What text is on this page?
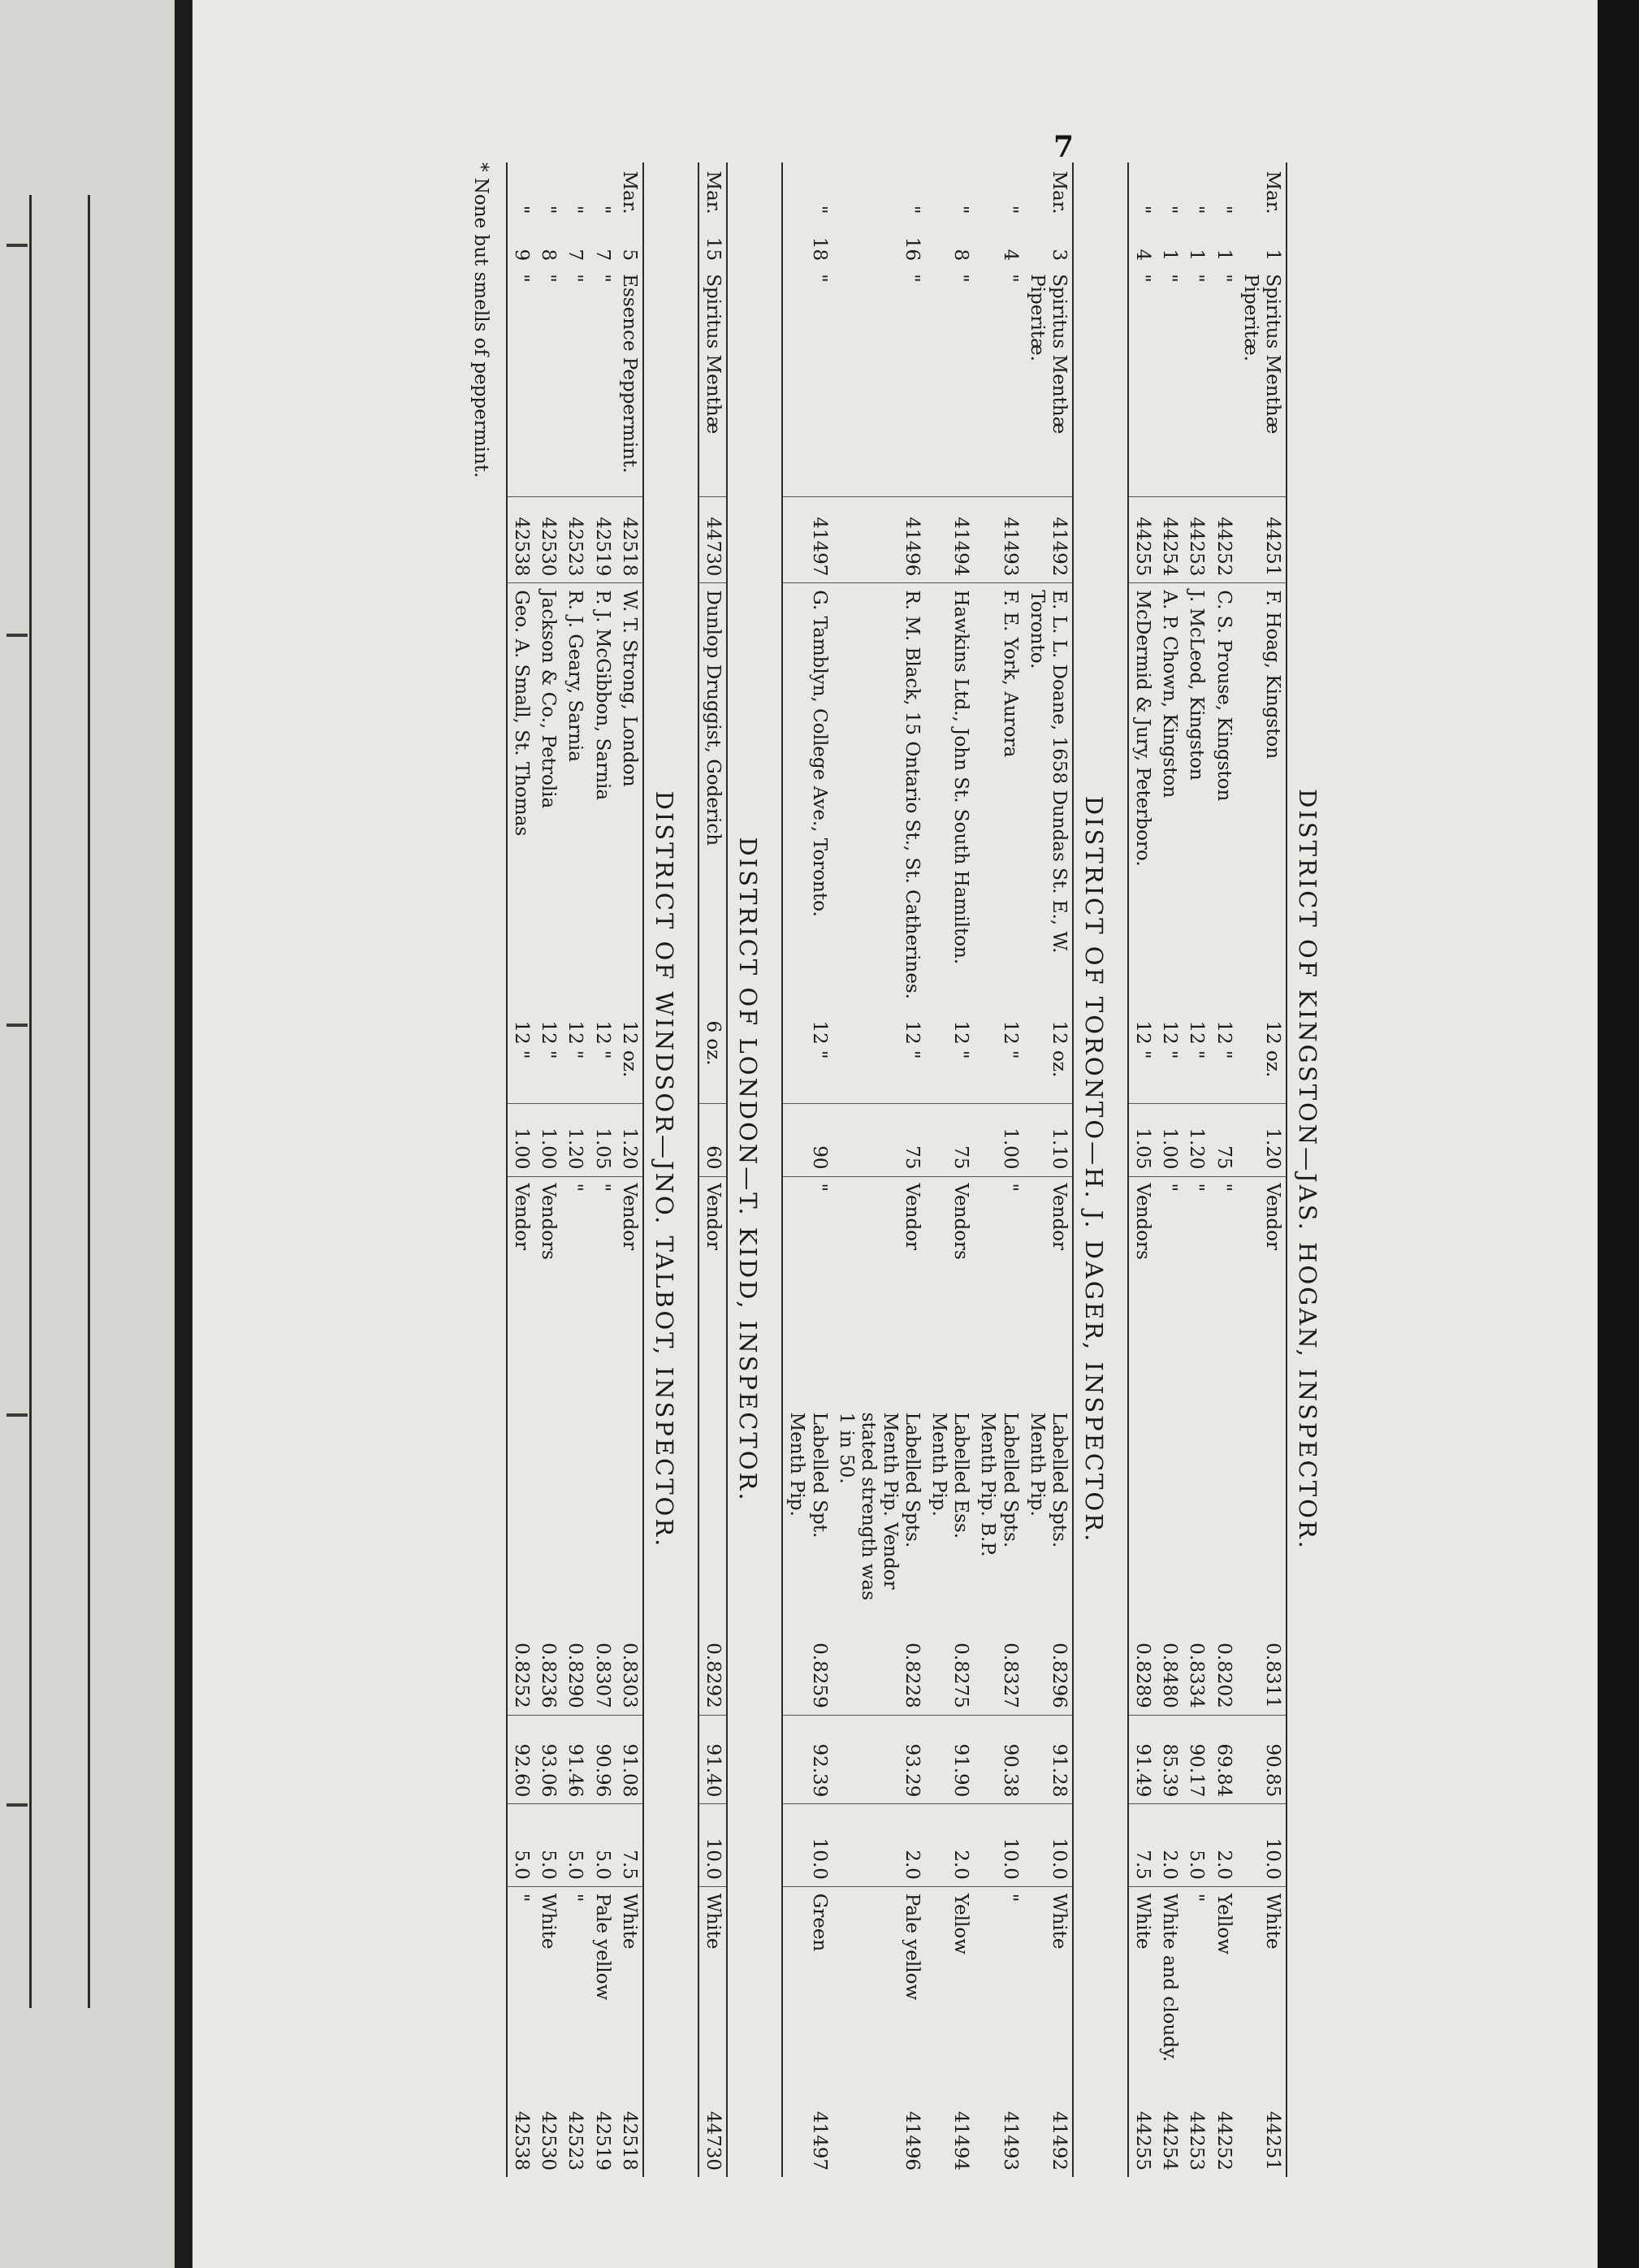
7
DISTRICT OF KINGSTON—JAS. HOGAN, INSPECTOR.
Mar.	1	Spiritus Menthæ Piperitæ.	44251	F. Hoag, Kingston	12 oz.	1.20	Vendor		0.8311	90.85	10.0	White	44251
"	1	"	44252	C. S. Prouse, Kingston	12 "	75	"		0.8202	69.84	2.0	Yellow	44252
"	1	"	44253	J. McLeod, Kingston	12 "	1.20	"		0.8334	90.17	5.0	"	44253
"	1	"	44254	A. P. Chown, Kingston	12 "	1.00	"		0.8480	85.39	2.0	White and cloudy.	44254
"	4	"	44255	McDermid & Jury, Peterboro.	12 "	1.05	Vendors		0.8289	91.49	7.5	White	44255
DISTRICT OF TORONTO—H. J. DAGER, INSPECTOR.
Mar.	3	Spiritus Menthæ Piperitæ.	41492	E. L. L. Doane, 1658 Dundas St. E., W. Toronto.	12 oz.	1.10	Vendor	Labelled Spts. Menth Pip.	0.8296	91.28	10.0	White	41492
"	4	"	41493	F. E. York, Aurora	12 "	1.00	"	Labelled Spts. Menth Pip. B.P.	0.8327	90.38	10.0	"	41493
"	8	"	41494	Hawkins Ltd., John St. South Hamilton.	12 "	75	Vendors	Labelled Ess. Menth Pip.	0.8275	91.90	2.0	Yellow	41494
"	16	"	41496	R. M. Black, 15 Ontario St., St. Catherines.	12 "	75	Vendor	Labelled Spts. Menth Pip. Vendor stated strength was 1 in 50.	0.8228	93.29	2.0	Pale yellow	41496
"	18	"	41497	G. Tamblyn, College Ave., Toronto.	12 "	90	"	Labelled Spt. Menth Pip.	0.8259	92.39	10.0	Green	41497
DISTRICT OF LONDON—T. KIDD, INSPECTOR.
Mar.	15	Spiritus Menthæ	44730	Dunlop Druggist, Goderich	6 oz.	60	Vendor		0.8292	91.40	10.0	White	44730
DISTRICT OF WINDSOR—JNO. TALBOT, INSPECTOR.
Mar.	5	Essence Peppermint.	42518	W. T. Strong, London	12 oz.	1.20	Vendor		0.8303	91.08	7.5	White	42518
"	7	"	42519	P. J. McGibbon, Sarnia	12 "	1.05	"		0.8307	90.96	5.0	Pale yellow	42519
"	7	"	42523	R. J. Geary, Sarnia	12 "	1.20	"		0.8290	91.46	5.0	"	42523
"	8	"	42530	Jackson & Co., Petrolia	12 "	1.00	Vendors		0.8236	93.06	5.0	White	42530
"	9	"	42538	Geo. A. Small, St. Thomas	12 "	1.00	Vendor		0.8252	92.60	5.0	"	42538
* None but smells of peppermint.
